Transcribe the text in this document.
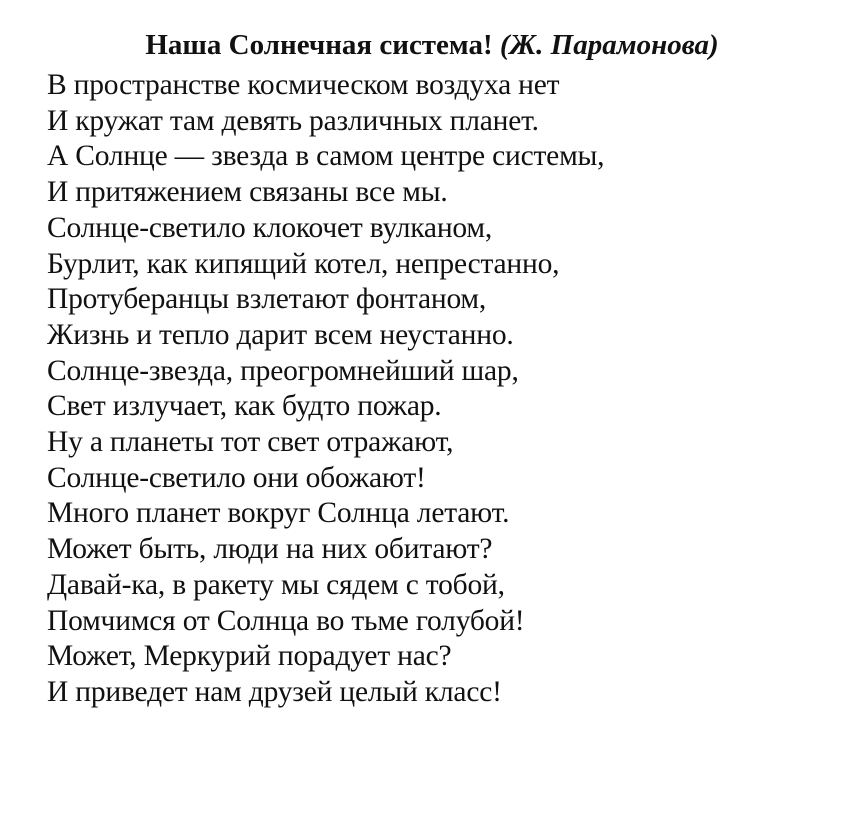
Наша Солнечная система! (Ж. Парамонова)
В пространстве космическом воздуха нет
И кружат там девять различных планет.
А Солнце — звезда в самом центре системы,
И притяжением связаны все мы.
Солнце-светило клокочет вулканом,
Бурлит, как кипящий котел, непрестанно,
Протуберанцы взлетают фонтаном,
Жизнь и тепло дарит всем неустанно.
Солнце-звезда, преогромнейший шар,
Свет излучает, как будто пожар.
Ну а планеты тот свет отражают,
Солнце-светило они обожают!
Много планет вокруг Солнца летают.
Может быть, люди на них обитают?
Давай-ка, в ракету мы сядем с тобой,
Помчимся от Солнца во тьме голубой!
Может, Меркурий порадует нас?
И приведет нам друзей целый класс!
